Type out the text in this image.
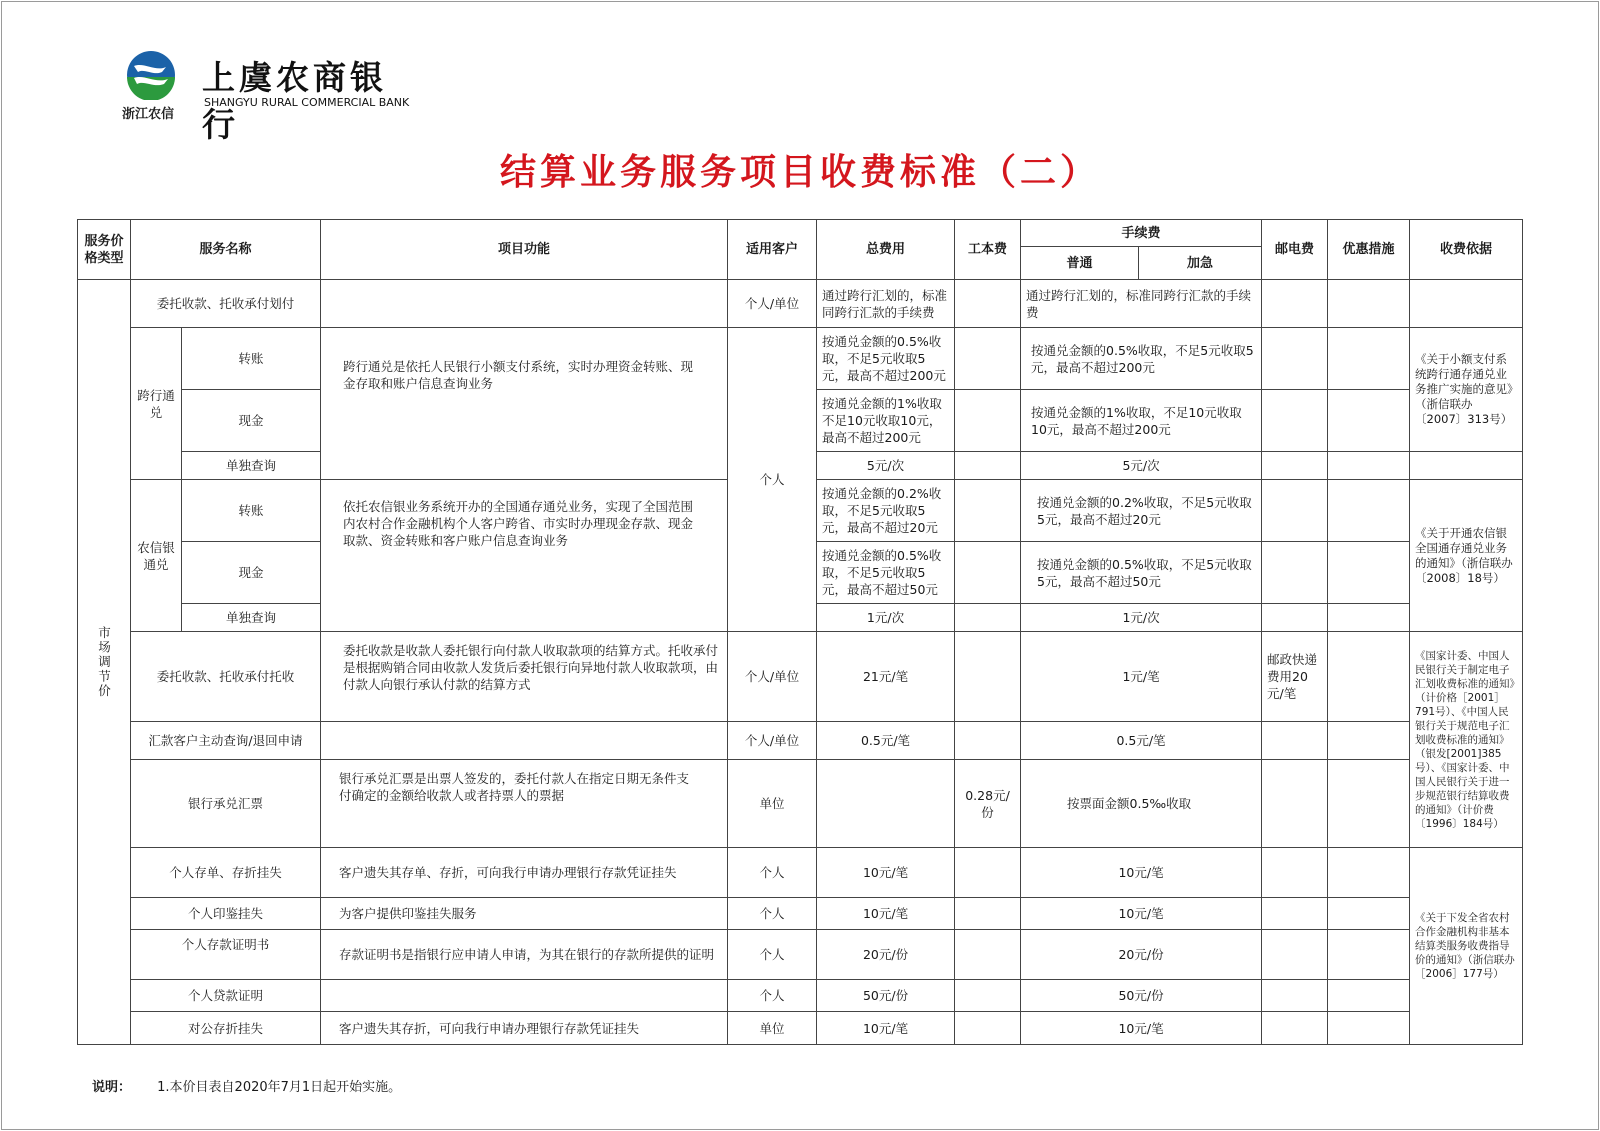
浙江农信
上虞农商银行
SHANGYU RURAL COMMERCIAL BANK
结算业务服务项目收费标准（二）
服务价格类型	服务名称		项目功能	适用客户	总费用	工本费	手续费		邮电费	优惠措施	收费依据
							普通	加急			

市场调节价	委托收款、托收承付划付			个人/单位	通过跨行汇划的，标准同跨行汇款的手续费		通过跨行汇划的，标准同跨行汇款的手续费				
	跨行通兑	转账	跨行通兑是依托人民银行小额支付系统，实时办理资金转账、现金存取和账户信息查询业务	个人	按通兑金额的0.5%收取，不足5元收取5元，最高不超过200元		按通兑金额的0.5%收取，不足5元收取5元，最高不超过200元				《关于小额支付系统跨行通存通兑业务推广实施的意见》（浙信联办〔2007〕313号）
		现金			按通兑金额的1%收取不足10元收取10元，最高不超过200元		按通兑金额的1%收取，不足10元收取10元，最高不超过200元				
		单独查询			5元/次		5元/次				
	农信银通兑	转账	依托农信银业务系统开办的全国通存通兑业务，实现了全国范围内农村合作金融机构个人客户跨省、市实时办理现金存款、现金取款、资金转账和客户账户信息查询业务		按通兑金额的0.2%收取，不足5元收取5元，最高不超过20元		按通兑金额的0.2%收取，不足5元收取5元，最高不超过20元				《关于开通农信银全国通存通兑业务的通知》（浙信联办〔2008〕18号）
		现金			按通兑金额的0.5%收取，不足5元收取5元，最高不超过50元		按通兑金额的0.5%收取，不足5元收取5元，最高不超过50元				
		单独查询			1元/次		1元/次				
	委托收款、托收承付托收		委托收款是收款人委托银行向付款人收取款项的结算方式。托收承付是根据购销合同由收款人发货后委托银行向异地付款人收取款项，由付款人向银行承认付款的结算方式	个人/单位	21元/笔		1元/笔		邮政快递费用20元/笔		《国家计委、中国人民银行关于制定电子汇划收费标准的通知》（计价格［2001］791号）、《中国人民银行关于规范电子汇划收费标准的通知》（银发[2001]385号）、《国家计委、中国人民银行关于进一步规范银行结算收费的通知》（计价费〔1996〕184号）
	汇款客户主动查询/退回申请			个人/单位	0.5元/笔		0.5元/笔				
	银行承兑汇票		银行承兑汇票是出票人签发的，委托付款人在指定日期无条件支付确定的金额给收款人或者持票人的票据	单位		0.28元/份	按票面金额0.5‰收取				
	个人存单、存折挂失		客户遗失其存单、存折，可向我行申请办理银行存款凭证挂失	个人	10元/笔		10元/笔				《关于下发全省农村合作金融机构非基本结算类服务收费指导价的通知》（浙信联办［2006］177号）
	个人印鉴挂失		为客户提供印鉴挂失服务	个人	10元/笔		10元/笔				
	个人存款证明书		存款证明书是指银行应申请人申请，为其在银行的存款所提供的证明	个人	20元/份		20元/份				
	个人贷款证明			个人	50元/份		50元/份				
	对公存折挂失		客户遗失其存折，可向我行申请办理银行存款凭证挂失	单位	10元/笔		10元/笔				
说明： 1.本价目表自2020年7月1日起开始实施。
